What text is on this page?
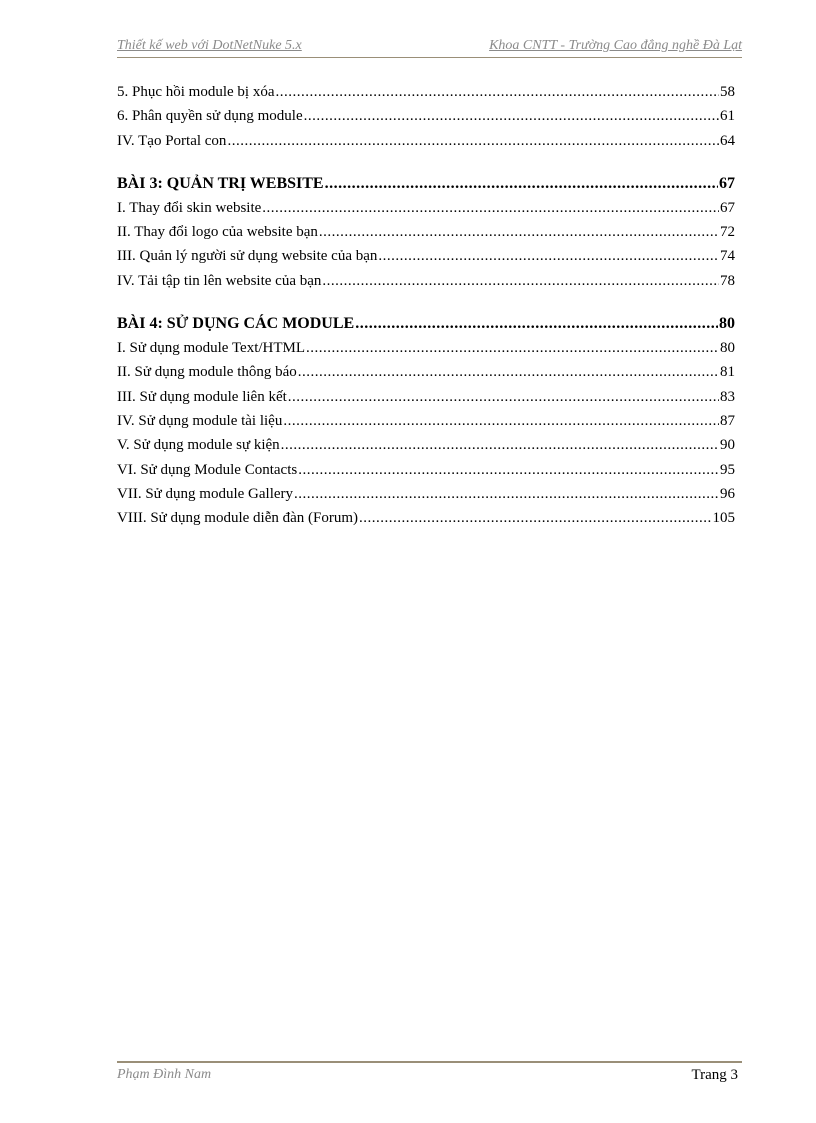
Thiết kế web với DotNetNuke 5.x	Khoa CNTT - Trường Cao đẳng nghề Đà Lạt
5. Phục hồi module bị xóa .....	58
6. Phân quyền sử dụng module .....	61
IV. Tạo Portal con .....	64
BÀI 3: QUẢN TRỊ WEBSITE .....	67
I. Thay đổi skin website .....	67
II. Thay đổi logo của website bạn .....	72
III. Quản lý người sử dụng website của bạn .....	74
IV. Tải tập tin lên website của bạn .....	78
BÀI 4: SỬ DỤNG CÁC MODULE .....	80
I. Sử dụng module Text/HTML .....	80
II. Sử dụng module thông báo .....	81
III. Sử dụng module liên kết .....	83
IV. Sử dụng module tài liệu .....	87
V. Sử dụng module sự kiện .....	90
VI. Sử dụng Module Contacts .....	95
VII. Sử dụng module Gallery .....	96
VIII. Sử dụng module diễn đàn (Forum) .....	105
Phạm Đình Nam	Trang 3
